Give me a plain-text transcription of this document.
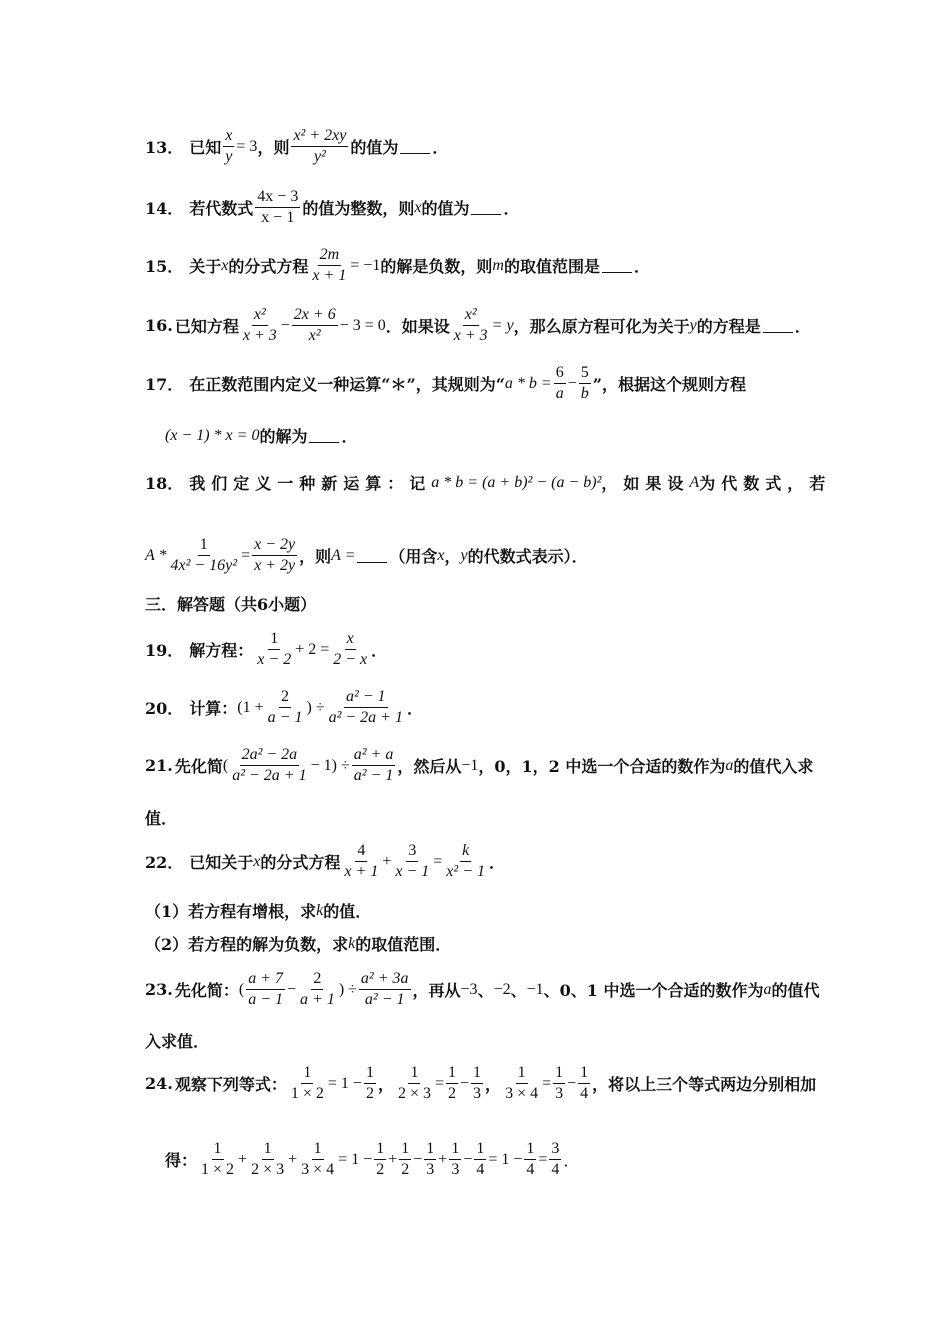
13． 已知 $\frac{x}{y} = 3$ ，则 $\frac{\text{x² + 2xy}}{\text{y²}}$ 的值为 ．
14． 若代数式 $\frac{4x - 3}{x - 1}$ 的值为整数，则 x 的值为 ．
15． 关于 x 的分式方程 $\frac{2m}{x + 1} = -1$ 的解是负数，则 m 的取值范围是 ．
16. 已知方程 $\frac{\text{x²}}{x + 3} - \frac{2x + 6}{\text{x²}} - 3 = 0$ ．如果设 $\frac{\text{x²}}{x + 3} = y$ ，那么原方程可化为关于 y 的方程是 ．
17． 在正数范围内定义一种运算“＊”，其规则为“ $a * b = \frac{6}{a} - \frac{5}{b}$ ”，根据这个规则方程
(x − 1) * x = 0 的解为 ．
18． 我们定义一种新运算：记 a * b = (a + b)² − (a − b)² ，如果设 A 为代数式，若
$A * \frac{1}{\text{4x² − 16y²}} = \frac{x - 2y}{x + 2y}$ ，则 A = （用含 x ， y 的代数式表示）．
三．解答题（共6小题）
19． 解方程： $\frac{1}{x - 2} + 2 = \frac{x}{2 - x}$ ．
20． 计算： ($1 + \frac{2}{a - 1}$ ) ÷ $\frac{\text{a² − 1}}{\text{a² − 2a + 1}}$ ．
21. 先化简 ( $\frac{\text{2a² − 2a}}{\text{a² − 2a + 1}} - 1) \div \frac{\text{a² + a}}{\text{a² − 1}}$ ，然后从 −1 ，0，1，2 中选一个合适的数作为 a 的值代入求
值．
22． 已知关于 x 的分式方程 $\frac{4}{x + 1} + \frac{3}{x - 1} = \frac{k}{\text{x² − 1}}$ ．
（1）若方程有增根，求 k 的值．
（2）若方程的解为负数，求 k 的取值范围．
23. 先化简： ( $\frac{a + 7}{a - 1} - \frac{2}{a + 1}$ ) ÷ $\frac{\text{a² + 3a}}{\text{a² − 1}}$ ，再从 −3 、 −2 、 −1 、0、1 中选一个合适的数作为 a 的值代
入求值．
24. 观察下列等式： $\frac{1}{1 \times 2} = 1 - \frac{1}{2}$ ， $\frac{1}{2 \times 3} = \frac{1}{2} - \frac{1}{3}$ ， $\frac{1}{3 \times 4} = \frac{1}{3} - \frac{1}{4}$ ，将以上三个等式两边分别相加
得： $\frac{1}{1 \times 2} + \frac{1}{2 \times 3} + \frac{1}{3 \times 4} = 1 - \frac{1}{2} + \frac{1}{2} - \frac{1}{3} + \frac{1}{3} - \frac{1}{4} = 1 - \frac{1}{4} = \frac{3}{4}$ ．
